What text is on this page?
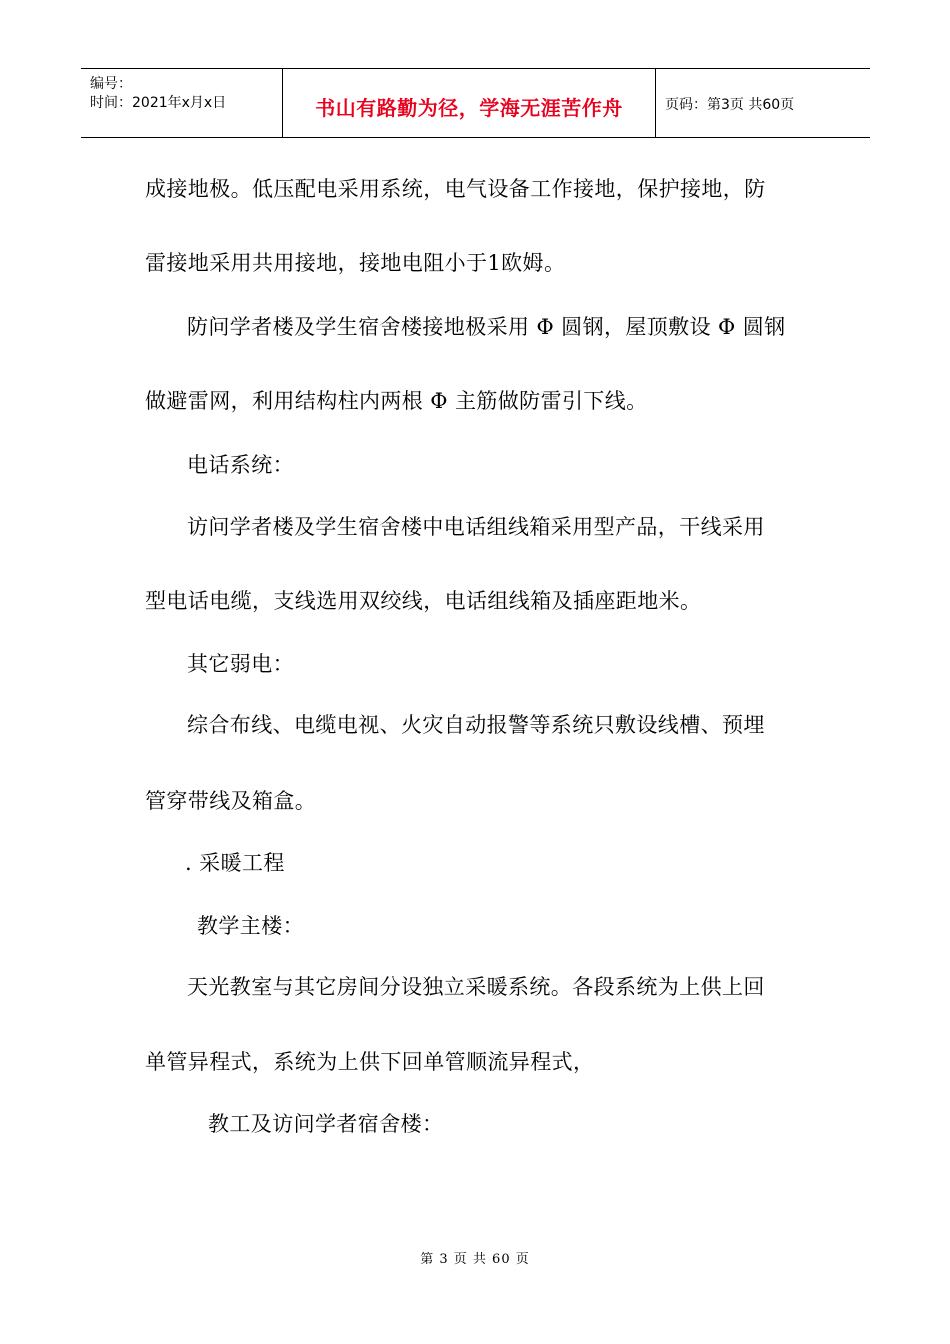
编号：
时间：2021年x月x日	书山有路勤为径，学海无涯苦作舟	页码：第3页 共60页
成接地极。低压配电采用系统，电气设备工作接地，保护接地，防
雷接地采用共用接地，接地电阻小于1欧姆。
防问学者楼及学生宿舍楼接地极采用 Φ 圆钢，屋顶敷设 Φ 圆钢
做避雷网，利用结构柱内两根 Φ 主筋做防雷引下线。
电话系统：
访问学者楼及学生宿舍楼中电话组线箱采用型产品，干线采用
型电话电缆，支线选用双绞线，电话组线箱及插座距地米。
其它弱电：
综合布线、电缆电视、火灾自动报警等系统只敷设线槽、预埋
管穿带线及箱盒。
. 采暖工程
教学主楼：
天光教室与其它房间分设独立采暖系统。各段系统为上供上回
单管异程式，系统为上供下回单管顺流异程式，
教工及访问学者宿舍楼：
第 3 页 共 60 页
